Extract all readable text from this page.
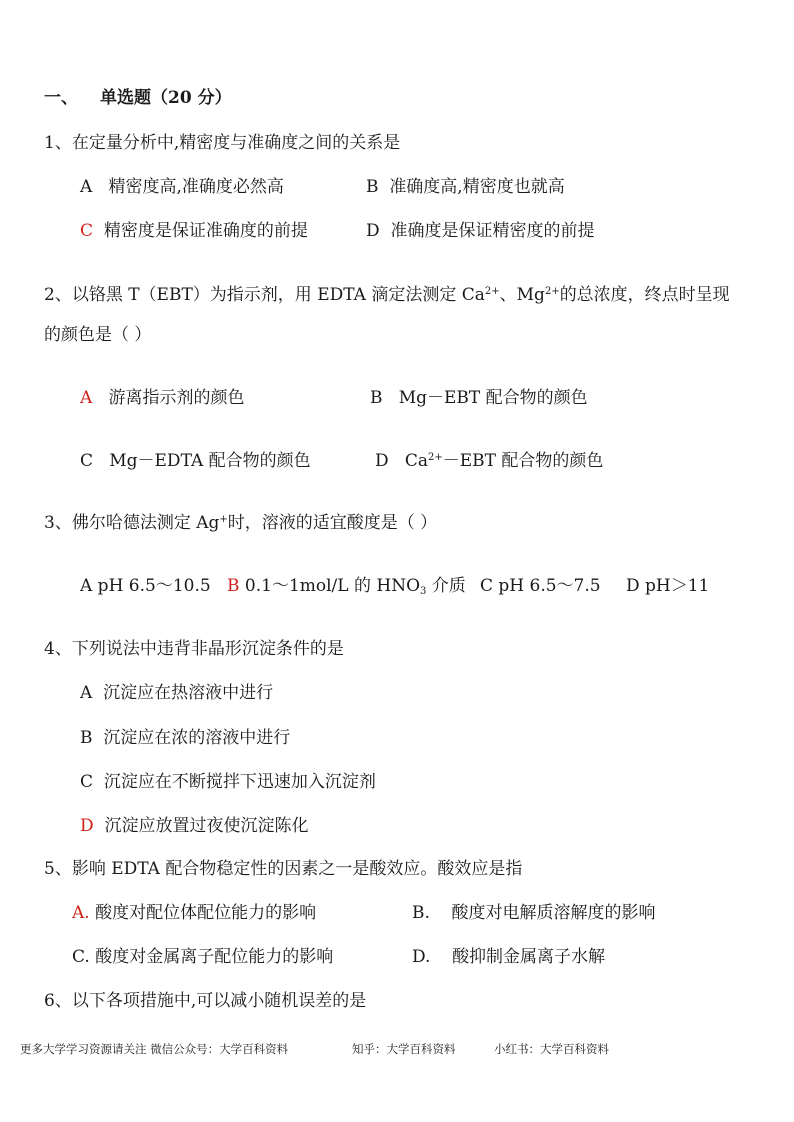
一、 单选题（20 分）
1、在定量分析中,精密度与准确度之间的关系是
A 精密度高,准确度必然高	B 准确度高,精密度也就高
C 精密度是保证准确度的前提	D 准确度是保证精密度的前提
2、以铬黑 T（EBT）为指示剂，用 EDTA 滴定法测定 $Ca^{2+}$、$Mg^{2+}$的总浓度，终点时呈现
的颜色是（ ）
A 游离指示剂的颜色	B Mg－EBT 配合物的颜色
C Mg－EDTA 配合物的颜色	D $Ca^{2+}-EBT$ 配合物的颜色
3、佛尔哈德法测定 Ag+时，溶液的适宜酸度是（ ）
A pH 6.5～10.5 B 0.1～1mol/L 的 $HNO_3$ 介质 C pH 6.5～7.5 D pH＞11
4、下列说法中违背非晶形沉淀条件的是
A 沉淀应在热溶液中进行
B 沉淀应在浓的溶液中进行
C 沉淀应在不断搅拌下迅速加入沉淀剂
D 沉淀应放置过夜使沉淀陈化
5、影响 EDTA 配合物稳定性的因素之一是酸效应。酸效应是指
A. 酸度对配位体配位能力的影响	B. 酸度对电解质溶解度的影响
C. 酸度对金属离子配位能力的影响	D. 酸抑制金属离子水解
6、以下各项措施中,可以减小随机误差的是
更多大学学习资源请关注 微信公众号：大学百科资料	知乎：大学百科资料	小红书：大学百科资料
